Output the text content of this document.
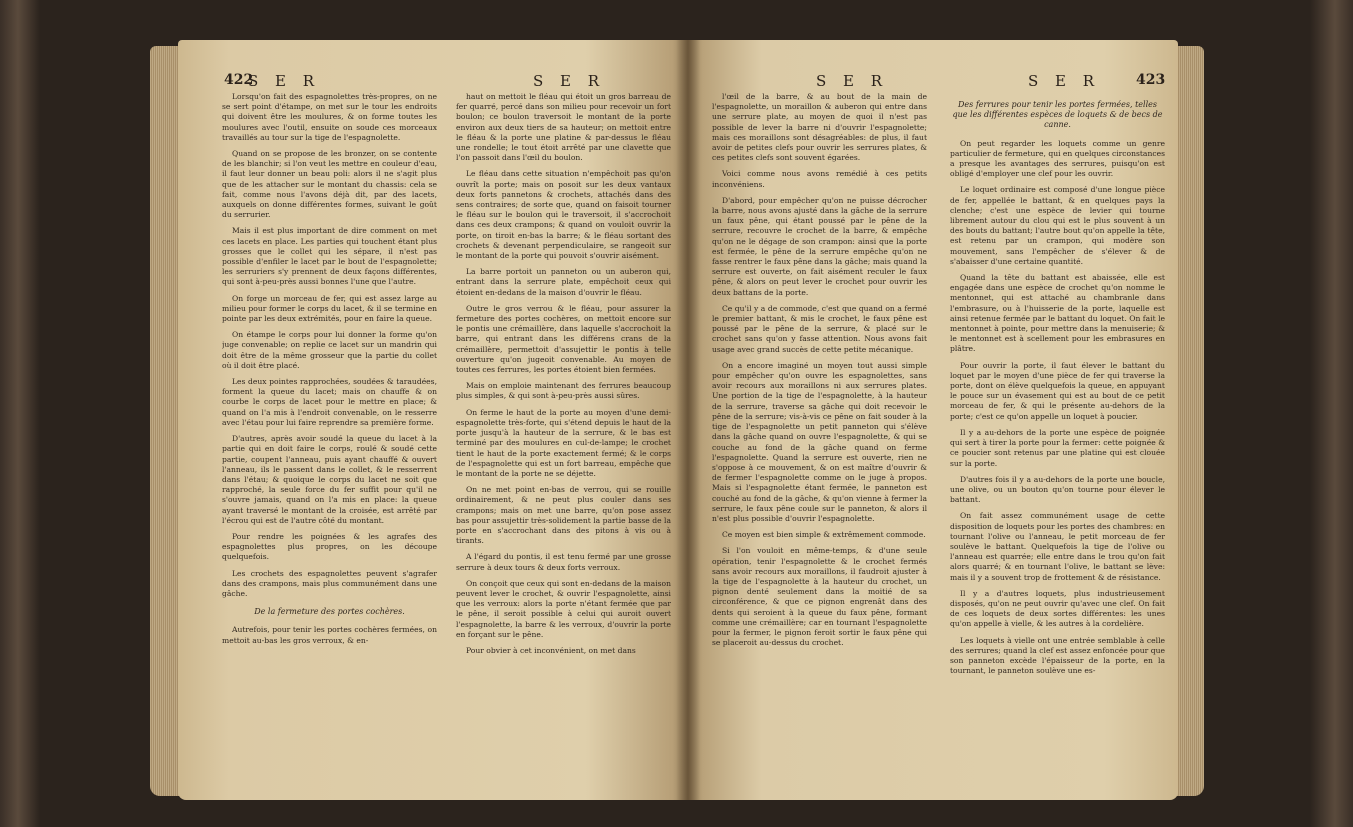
422
S E R	S E R

Lorsqu'on fait des espagnolettes très-propres, on ne se sert point d'étampe, on met sur le tour les endroits qui doivent être les moulures, & on forme toutes les moulures avec l'outil, ensuite on soude ces morceaux travaillés au tour sur la tige de l'espagnolette.

Quand on se propose de les bronzer, on se contente de les blanchir; si l'on veut les mettre en couleur d'eau, il faut leur donner un beau poli: alors il ne s'agit plus que de les attacher sur le montant du chassis: cela se fait, comme nous l'avons déjà dit, par des lacets, auxquels on donne différentes formes, suivant le goût du serrurier.

Mais il est plus important de dire comment on met ces lacets en place. Les parties qui touchent étant plus grosses que le collet qui les sépare, il n'est pas possible d'enfiler le lacet par le bout de l'espagnolette; les serruriers s'y prennent de deux façons différentes, qui sont à-peu-près aussi bonnes l'une que l'autre.

On forge un morceau de fer, qui est assez large au milieu pour former le corps du lacet, & il se termine en pointe par les deux extrémités, pour en faire la queue.

On étampe le corps pour lui donner la forme qu'on juge convenable; on replie ce lacet sur un mandrin qui doit être de la même grosseur que la partie du collet où il doit être placé.

Les deux pointes rapprochées, soudées & taraudées, forment la queue du lacet; mais on chauffe & on courbe le corps de lacet pour le mettre en place; & quand on l'a mis à l'endroit convenable, on le resserre avec l'étau pour lui faire reprendre sa première forme.

D'autres, après avoir soudé la queue du lacet à la partie qui en doit faire le corps, roulé & soudé cette partie, coupent l'anneau, puis ayant chauffé & ouvert l'anneau, ils le passent dans le collet, & le resserrent dans l'étau; & quoique le corps du lacet ne soit que rapproché, la seule force du fer suffit pour qu'il ne s'ouvre jamais, quand on l'a mis en place: la queue ayant traversé le montant de la croisée, est arrêté par l'écrou qui est de l'autre côté du montant.

Pour rendre les poignées & les agrafes des espagnolettes plus propres, on les découpe quelquefois.

Les crochets des espagnolettes peuvent s'agrafer dans des crampons, mais plus communément dans une gâche.

De la fermeture des portes cochères.

Autrefois, pour tenir les portes cochères fermées, on mettoit au-bas les gros verroux, & en-

haut on mettoit le fléau qui étoit un gros barreau de fer quarré, percé dans son milieu pour recevoir un fort boulon; ce boulon traversoit le montant de la porte environ aux deux tiers de sa hauteur; on mettoit entre le fléau & la porte une platine & par-dessus le fléau une rondelle; le tout étoit arrêté par une clavette que l'on passoit dans l'œil du boulon.

Le fléau dans cette situation n'empêchoit pas qu'on ouvrît la porte; mais on posoit sur les deux vantaux deux forts pannetons & crochets, attachés dans des sens contraires; de sorte que, quand on faisoit tourner le fléau sur le boulon qui le traversoit, il s'accrochoit dans ces deux crampons; & quand on vouloit ouvrir la porte, on tiroit en-bas la barre; & le fléau sortant des crochets & devenant perpendiculaire, se rangeoit sur le montant de la porte qui pouvoit s'ouvrir aisément.

La barre portoit un panneton ou un auberon qui, entrant dans la serrure plate, empêchoit ceux qui étoient en-dedans de la maison d'ouvrir le fléau.

Outre le gros verrou & le fléau, pour assurer la fermeture des portes cochères, on mettoit encore sur le pontis une crémaillère, dans laquelle s'accrochoit la barre, qui entrant dans les différens crans de la crémaillère, permettoit d'assujettir le pontis à telle ouverture qu'on jugeoit convenable. Au moyen de toutes ces ferrures, les portes étoient bien fermées.

Mais on emploie maintenant des ferrures beaucoup plus simples, & qui sont à-peu-près aussi sûres.

On ferme le haut de la porte au moyen d'une demi-espagnolette très-forte, qui s'étend depuis le haut de la porte jusqu'à la hauteur de la serrure, & le bas est terminé par des moulures en cul-de-lampe; le crochet tient le haut de la porte exactement fermé; & le corps de l'espagnolette qui est un fort barreau, empêche que le montant de la porte ne se déjette.

On ne met point en-bas de verrou, qui se rouille ordinairement, & ne peut plus couler dans ses crampons; mais on met une barre, qu'on pose assez bas pour assujettir très-solidement la partie basse de la porte en s'accrochant dans des pitons à vis ou à tirants.

A l'égard du pontis, il est tenu fermé par une grosse serrure à deux tours & deux forts verroux.

On conçoit que ceux qui sont en-dedans de la maison peuvent lever le crochet, & ouvrir l'espagnolette, ainsi que les verroux: alors la porte n'étant fermée que par le pêne, il seroit possible à celui qui auroit ouvert l'espagnolette, la barre & les verroux, d'ouvrir la porte en forçant sur le pêne.

Pour obvier à cet inconvénient, on met dans

S E R	S E R	423

l'œil de la barre, & au bout de la main de l'espagnolette, un moraillon & auberon qui entre dans une serrure plate, au moyen de quoi il n'est pas possible de lever la barre ni d'ouvrir l'espagnolette; mais ces moraillons sont désagréables: de plus, il faut avoir de petites clefs pour ouvrir les serrures plates, & ces petites clefs sont souvent égarées.

Voici comme nous avons remédié à ces petits inconvéniens.

D'abord, pour empêcher qu'on ne puisse décrocher la barre, nous avons ajusté dans la gâche de la serrure un faux pêne, qui étant poussé par le pêne de la serrure, recouvre le crochet de la barre, & empêche qu'on ne le dégage de son crampon: ainsi que la porte est fermée, le pêne de la serrure empêche qu'on ne fasse rentrer le faux pêne dans la gâche; mais quand la serrure est ouverte, on fait aisément reculer le faux pêne, & alors on peut lever le crochet pour ouvrir les deux battans de la porte.

Ce qu'il y a de commode, c'est que quand on a fermé le premier battant, & mis le crochet, le faux pêne est poussé par le pêne de la serrure, & placé sur le crochet sans qu'on y fasse attention. Nous avons fait usage avec grand succès de cette petite mécanique.

On a encore imaginé un moyen tout aussi simple pour empêcher qu'on ouvre les espagnolettes, sans avoir recours aux moraillons ni aux serrures plates. Une portion de la tige de l'espagnolette, à la hauteur de la serrure, traverse sa gâche qui doit recevoir le pêne de la serrure; vis-à-vis ce pêne on fait souder à la tige de l'espagnolette un petit panneton qui s'élève dans la gâche quand on ouvre l'espagnolette, & qui se couche au fond de la gâche quand on ferme l'espagnolette. Quand la serrure est ouverte, rien ne s'oppose à ce mouvement, & on est maître d'ouvrir & de fermer l'espagnolette comme on le juge à propos. Mais si l'espagnolette étant fermée, le panneton est couché au fond de la gâche, & qu'on vienne à fermer la serrure, le faux pêne coule sur le panneton, & alors il n'est plus possible d'ouvrir l'espagnolette.

Ce moyen est bien simple & extrêmement commode.

Si l'on vouloit en même-temps, & d'une seule opération, tenir l'espagnolette & le crochet fermés sans avoir recours aux moraillons, il faudroit ajuster à la tige de l'espagnolette à la hauteur du crochet, un pignon denté seulement dans la moitié de sa circonférence, & que ce pignon engrenât dans des dents qui seroient à la queue du faux pêne, formant comme une crémaillère; car en tournant l'espagnolette pour la fermer, le pignon feroit sortir le faux pêne qui se placeroit au-dessus du crochet.

Des ferrures pour tenir les portes fermées, telles que les différentes espèces de loquets & de becs de canne.

On peut regarder les loquets comme un genre particulier de fermeture, qui en quelques circonstances a presque les avantages des serrures, puisqu'on est obligé d'employer une clef pour les ouvrir.

Le loquet ordinaire est composé d'une longue pièce de fer, appellée le battant, & en quelques pays la clenche; c'est une espèce de levier qui tourne librement autour du clou qui est le plus souvent à un des bouts du battant; l'autre bout qu'on appelle la tête, est retenu par un crampon, qui modère son mouvement, sans l'empêcher de s'élever & de s'abaisser d'une certaine quantité.

Quand la tête du battant est abaissée, elle est engagée dans une espèce de crochet qu'on nomme le mentonnet, qui est attaché au chambranle dans l'embrasure, ou à l'huisserie de la porte, laquelle est ainsi retenue fermée par le battant du loquet. On fait le mentonnet à pointe, pour mettre dans la menuiserie; & le mentonnet est à scellement pour les embrasures en plâtre.

Pour ouvrir la porte, il faut élever le battant du loquet par le moyen d'une pièce de fer qui traverse la porte, dont on élève quelquefois la queue, en appuyant le pouce sur un évasement qui est au bout de ce petit morceau de fer, & qui le présente au-dehors de la porte; c'est ce qu'on appelle un loquet à poucier.

Il y a au-dehors de la porte une espèce de poignée qui sert à tirer la porte pour la fermer: cette poignée & ce poucier sont retenus par une platine qui est clouée sur la porte.

D'autres fois il y a au-dehors de la porte une boucle, une olive, ou un bouton qu'on tourne pour élever le battant.

On fait assez communément usage de cette disposition de loquets pour les portes des chambres: en tournant l'olive ou l'anneau, le petit morceau de fer soulève le battant. Quelquefois la tige de l'olive ou l'anneau est quarrée; elle entre dans le trou qu'on fait alors quarré; & en tournant l'olive, le battant se lève: mais il y a souvent trop de frottement & de résistance.

Il y a d'autres loquets, plus industrieusement disposés, qu'on ne peut ouvrir qu'avec une clef. On fait de ces loquets de deux sortes différentes: les unes qu'on appelle à vielle, & les autres à la cordelière.

Les loquets à vielle ont une entrée semblable à celle des serrures; quand la clef est assez enfoncée pour que son panneton excède l'épaisseur de la porte, en la tournant, le panneton soulève une es-
